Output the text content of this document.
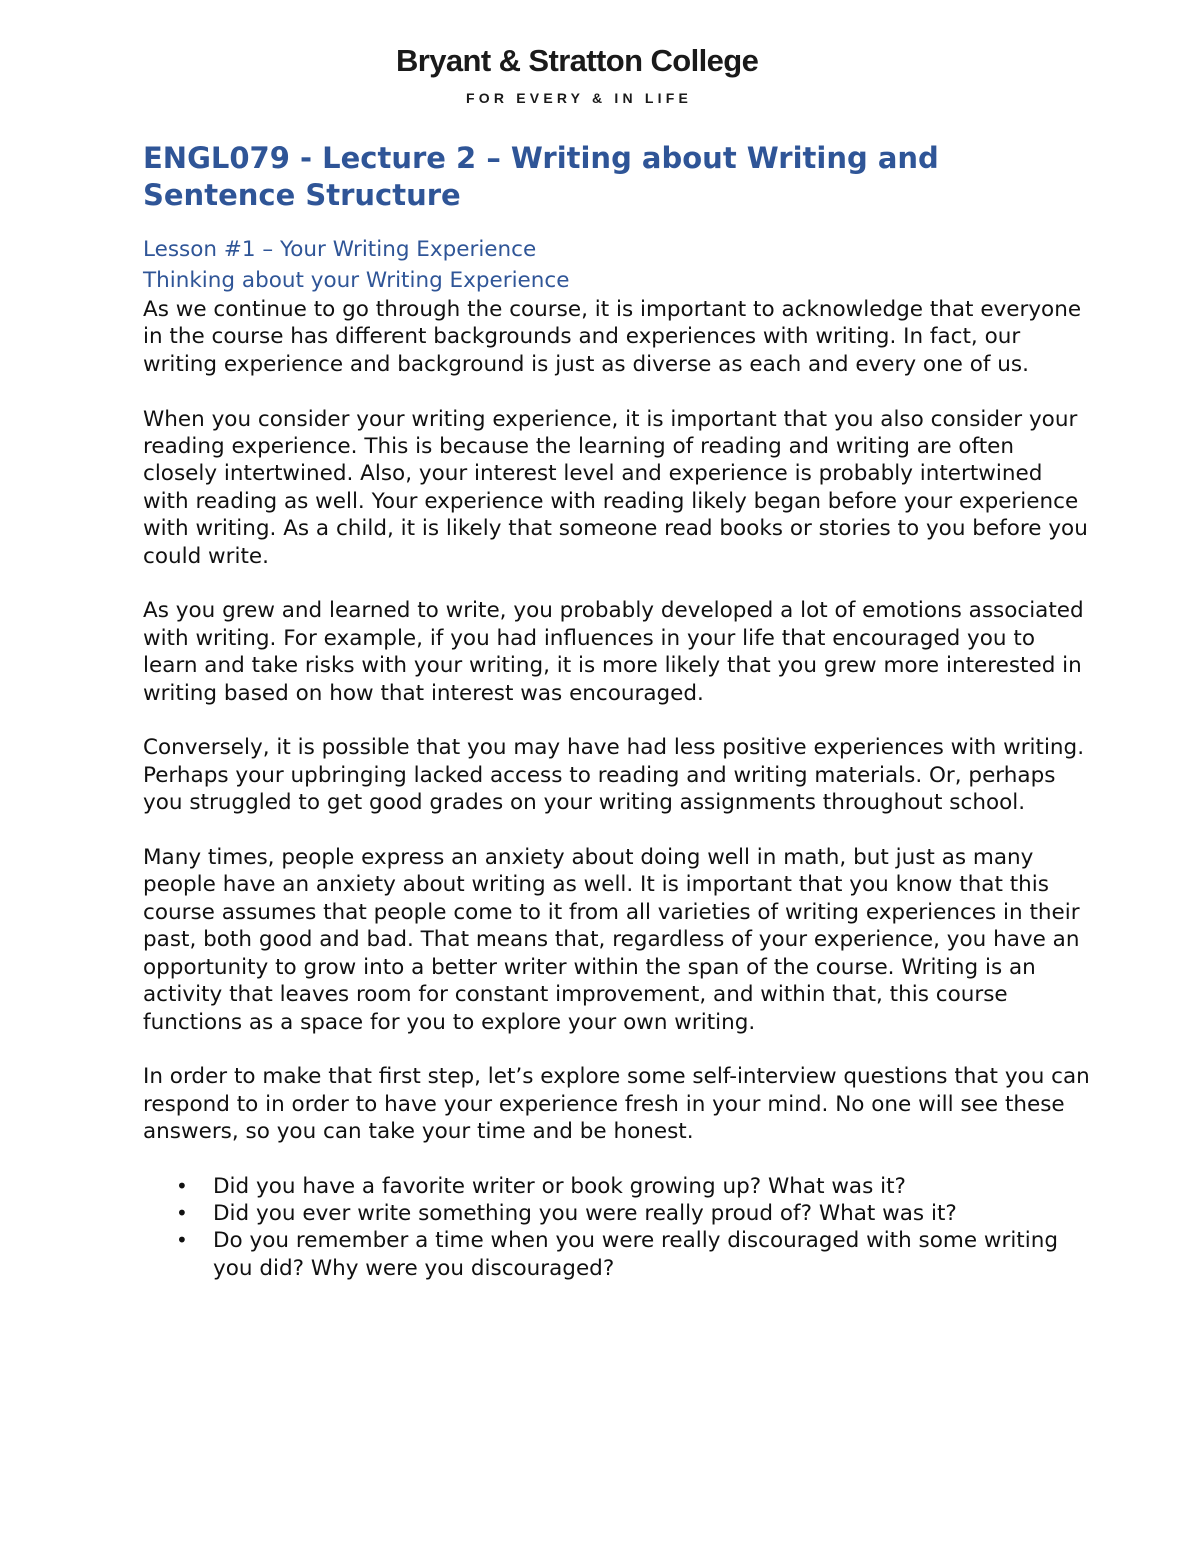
Bryant & Stratton College
FOR EVERY & IN LIFE
ENGL079 - Lecture 2 – Writing about Writing and Sentence Structure
Lesson #1 – Your Writing Experience
Thinking about your Writing Experience

As we continue to go through the course, it is important to acknowledge that everyone in the course has different backgrounds and experiences with writing. In fact, our writing experience and background is just as diverse as each and every one of us.

When you consider your writing experience, it is important that you also consider your reading experience. This is because the learning of reading and writing are often closely intertwined. Also, your interest level and experience is probably intertwined with reading as well. Your experience with reading likely began before your experience with writing. As a child, it is likely that someone read books or stories to you before you could write.

As you grew and learned to write, you probably developed a lot of emotions associated with writing. For example, if you had influences in your life that encouraged you to learn and take risks with your writing, it is more likely that you grew more interested in writing based on how that interest was encouraged.

Conversely, it is possible that you may have had less positive experiences with writing. Perhaps your upbringing lacked access to reading and writing materials. Or, perhaps you struggled to get good grades on your writing assignments throughout school.

Many times, people express an anxiety about doing well in math, but just as many people have an anxiety about writing as well. It is important that you know that this course assumes that people come to it from all varieties of writing experiences in their past, both good and bad. That means that, regardless of your experience, you have an opportunity to grow into a better writer within the span of the course. Writing is an activity that leaves room for constant improvement, and within that, this course functions as a space for you to explore your own writing.

In order to make that first step, let’s explore some self-interview questions that you can respond to in order to have your experience fresh in your mind. No one will see these answers, so you can take your time and be honest.

• Did you have a favorite writer or book growing up? What was it?
• Did you ever write something you were really proud of? What was it?
• Do you remember a time when you were really discouraged with some writing you did? Why were you discouraged?
